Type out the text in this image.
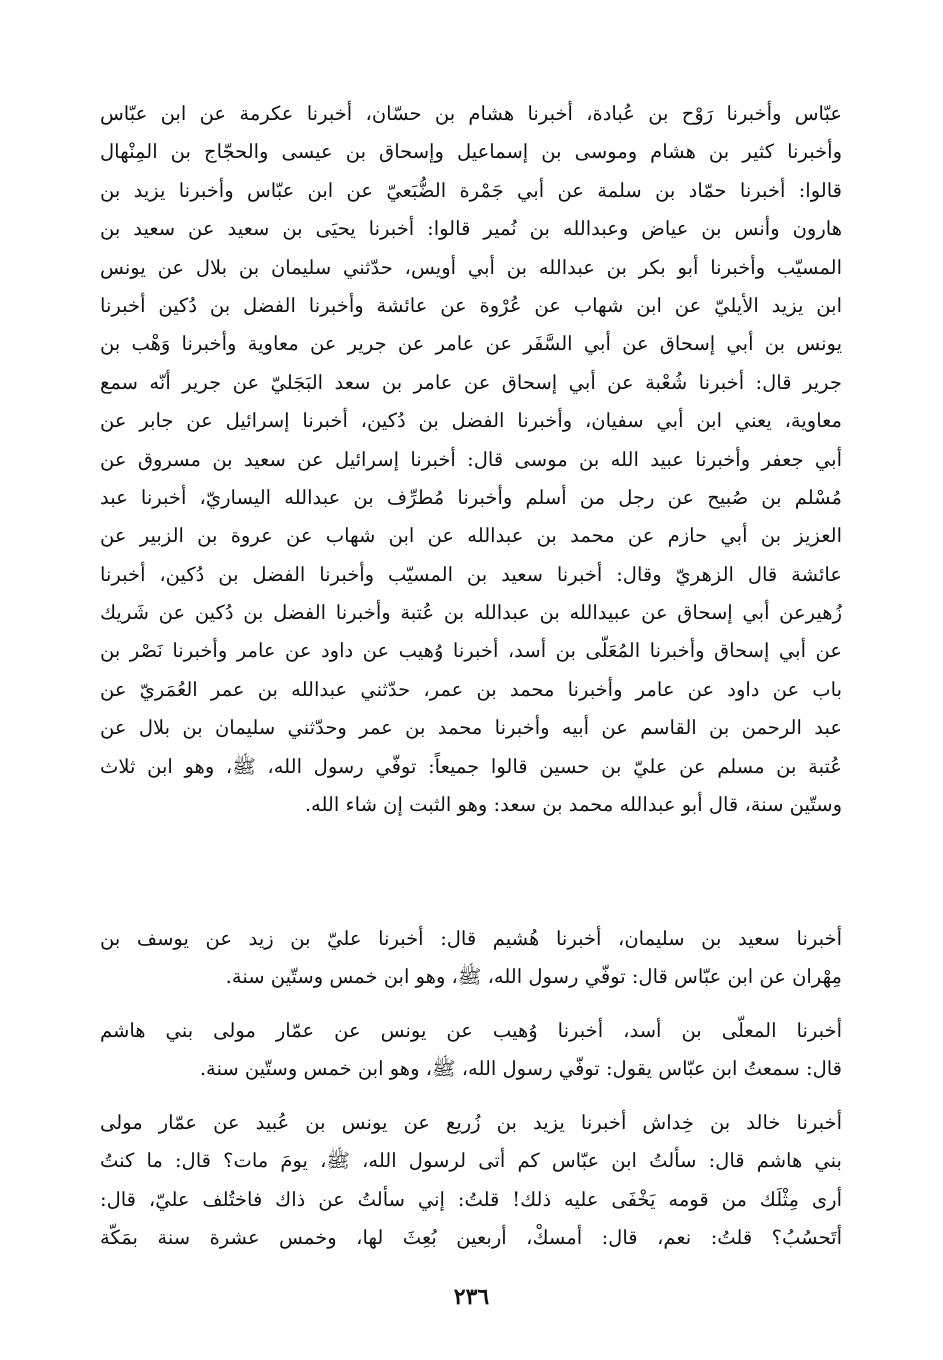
عبّاس وأخبرنا رَوْح بن عُبادة، أخبرنا هشام بن حسّان، أخبرنا عكرمة عن ابن عبّاس
وأخبرنا كثير بن هشام وموسى بن إسماعيل وإسحاق بن عيسى والحجّاج بن المِنْهال
قالوا: أخبرنا حمّاد بن سلمة عن أبي جَمْرة الضُّبَعيّ عن ابن عبّاس وأخبرنا يزيد بن
هارون وأنس بن عياض وعبدالله بن نُمير قالوا: أخبرنا يحيَى بن سعيد عن سعيد بن
المسيّب وأخبرنا أبو بكر بن عبدالله بن أبي أويس، حدّثني سليمان بن بلال عن يونس
ابن يزيد الأيليّ عن ابن شهاب عن عُرْوة عن عائشة وأخبرنا الفضل بن دُكين أخبرنا
يونس بن أبي إسحاق عن أبي السَّفَر عن عامر عن جرير عن معاوية وأخبرنا وَهْب بن
جرير قال: أخبرنا شُعْبة عن أبي إسحاق عن عامر بن سعد البَجَليّ عن جرير أنّه سمع
معاوية، يعني ابن أبي سفيان، وأخبرنا الفضل بن دُكين، أخبرنا إسرائيل عن جابر عن
أبي جعفر وأخبرنا عبيد الله بن موسى قال: أخبرنا إسرائيل عن سعيد بن مسروق عن
مُسْلم بن صُبيح عن رجل من أسلم وأخبرنا مُطرِّف بن عبدالله اليساريّ، أخبرنا عبد
العزيز بن أبي حازم عن محمد بن عبدالله عن ابن شهاب عن عروة بن الزبير عن
عائشة قال الزهريّ وقال: أخبرنا سعيد بن المسيّب وأخبرنا الفضل بن دُكين، أخبرنا
زُهيرعن أبي إسحاق عن عبيدالله بن عبدالله بن عُتبة وأخبرنا الفضل بن دُكين عن شَريك
عن أبي إسحاق وأخبرنا المُعَلّى بن أسد، أخبرنا وُهيب عن داود عن عامر وأخبرنا نَصْر بن
باب عن داود عن عامر وأخبرنا محمد بن عمر، حدّثني عبدالله بن عمر العُمَريّ عن
عبد الرحمن بن القاسم عن أبيه وأخبرنا محمد بن عمر وحدّثني سليمان بن بلال عن
عُتبة بن مسلم عن عليّ بن حسين قالوا جميعاً: توفّي رسول الله، ﷺ، وهو ابن ثلاث
وستّين سنة، قال أبو عبدالله محمد بن سعد: وهو الثبت إن شاء الله.
أخبرنا سعيد بن سليمان، أخبرنا هُشيم قال: أخبرنا عليّ بن زيد عن يوسف بن
مِهْران عن ابن عبّاس قال: توفّي رسول الله، ﷺ، وهو ابن خمس وستّين سنة.
أخبرنا المعلّى بن أسد، أخبرنا وُهيب عن يونس عن عمّار مولى بني هاشم
قال: سمعتُ ابن عبّاس يقول: توفّي رسول الله، ﷺ، وهو ابن خمس وستّين سنة.
أخبرنا خالد بن خِداش أخبرنا يزيد بن زُريع عن يونس بن عُبيد عن عمّار مولى
بني هاشم قال: سألتُ ابن عبّاس كم أتى لرسول الله، ﷺ، يومَ مات؟ قال: ما كنتُ
أرى مِثْلَك من قومه يَخْفَى عليه ذلك! قلتُ: إني سألتُ عن ذاك فاختُلف عليّ، قال:
أتَحسُبُ؟ قلتُ: نعم، قال: أمسكْ، أربعين بُعِثَ لها، وخمس عشرة سنة بمَكّة
٢٣٦
